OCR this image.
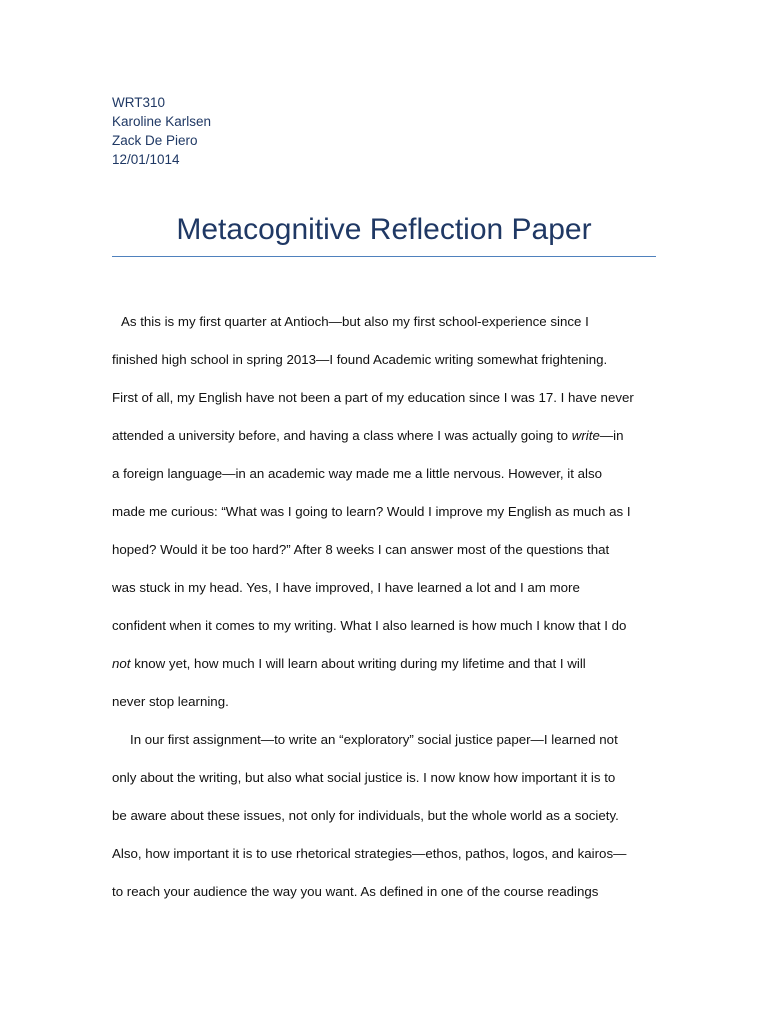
WRT310
Karoline Karlsen
Zack De Piero
12/01/1014
Metacognitive Reflection Paper
As this is my first quarter at Antioch—but also my first school-experience since I
finished high school in spring 2013—I found Academic writing somewhat frightening.
First of all, my English have not been a part of my education since I was 17. I have never
attended a university before, and having a class where I was actually going to write—in
a foreign language—in an academic way made me a little nervous. However, it also
made me curious: “What was I going to learn? Would I improve my English as much as I
hoped? Would it be too hard?” After 8 weeks I can answer most of the questions that
was stuck in my head. Yes, I have improved, I have learned a lot and I am more
confident when it comes to my writing. What I also learned is how much I know that I do
not know yet, how much I will learn about writing during my lifetime and that I will
never stop learning.
In our first assignment—to write an “exploratory” social justice paper—I learned not
only about the writing, but also what social justice is. I now know how important it is to
be aware about these issues, not only for individuals, but the whole world as a society.
Also, how important it is to use rhetorical strategies—ethos, pathos, logos, and kairos—
to reach your audience the way you want. As defined in one of the course readings
